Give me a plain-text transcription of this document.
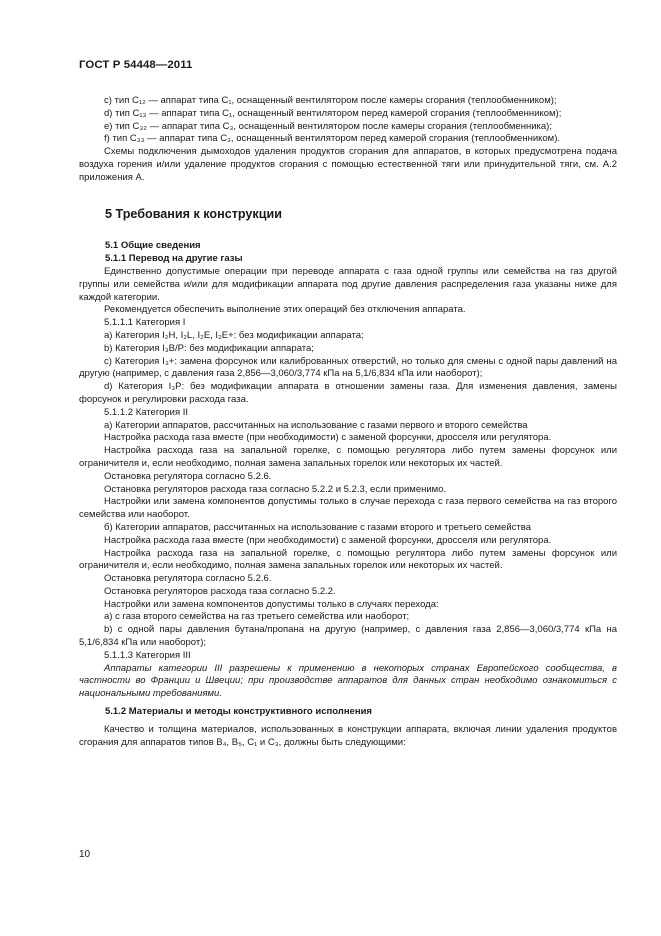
ГОСТ Р 54448—2011

c) тип C₁₂ — аппарат типа C₁, оснащенный вентилятором после камеры сгорания (теплообменником);

d) тип C₁₃ — аппарат типа C₁, оснащенный вентилятором перед камерой сгорания (теплообменником);

e) тип C₃₂ — аппарат типа C₃, оснащенный вентилятором после камеры сгорания (теплообменника);

f) тип C₃₃ — аппарат типа C₃, оснащенный вентилятором перед камерой сгорания (теплообменником).

Схемы подключения дымоходов удаления продуктов сгорания для аппаратов, в которых предусмотрена подача воздуха горения и/или удаление продуктов сгорания с помощью естественной тяги или принудительной тяги, см. А.2 приложения А.

5 Требования к конструкции

5.1 Общие сведения

5.1.1 Перевод на другие газы

Единственно допустимые операции при переводе аппарата с газа одной группы или семейства на газ другой группы или семейства и/или для модификации аппарата под другие давления распределения газа указаны ниже для каждой категории.

Рекомендуется обеспечить выполнение этих операций без отключения аппарата.

5.1.1.1 Категория I

a) Категория I₂H, I₂L, I₂E, I₂E+: без модификации аппарата;

b) Категория I₃B/P: без модификации аппарата;

c) Категория I₃+: замена форсунок или калиброванных отверстий, но только для смены с одной пары давлений на другую (например, с давления газа 2,856—3,060/3,774 кПа на 5,1/6,834 кПа или наоборот);

d) Категория I₃P: без модификации аппарата в отношении замены газа. Для изменения давления, замены форсунок и регулировки расхода газа.

5.1.1.2 Категория II

а) Категории аппаратов, рассчитанных на использование с газами первого и второго семейства

Настройка расхода газа вместе (при необходимости) с заменой форсунки, дросселя или регулятора.

Настройка расхода газа на запальной горелке, с помощью регулятора либо путем замены форсунок или ограничителя и, если необходимо, полная замена запальных горелок или некоторых их частей.

Остановка регулятора согласно 5.2.6.

Остановка регуляторов расхода газа согласно 5.2.2 и 5.2.3, если применимо.

Настройки или замена компонентов допустимы только в случае перехода с газа первого семейства на газ второго семейства или наоборот.

б) Категории аппаратов, рассчитанных на использование с газами второго и третьего семейства

Настройка расхода газа вместе (при необходимости) с заменой форсунки, дросселя или регулятора.

Настройка расхода газа на запальной горелке, с помощью регулятора либо путем замены форсунок или ограничителя и, если необходимо, полная замена запальных горелок или некоторых их частей.

Остановка регулятора согласно 5.2.6.

Остановка регуляторов расхода газа согласно 5.2.2.

Настройки или замена компонентов допустимы только в случаях перехода:

а) с газа второго семейства на газ третьего семейства или наоборот;

b) с одной пары давления бутана/пропана на другую (например, с давления газа 2,856—3,060/3,774 кПа на 5,1/6,834 кПа или наоборот);

5.1.1.3 Категория III

Аппараты категории III разрешены к применению в некоторых странах Европейского сообщества, в частности во Франции и Швеции; при производстве аппаратов для данных стран необходимо ознакомиться с национальными требованиями.

5.1.2 Материалы и методы конструктивного исполнения

Качество и толщина материалов, использованных в конструкции аппарата, включая линии удаления продуктов сгорания для аппаратов типов B₄, B₅, C₁ и C₃, должны быть следующими:

10
